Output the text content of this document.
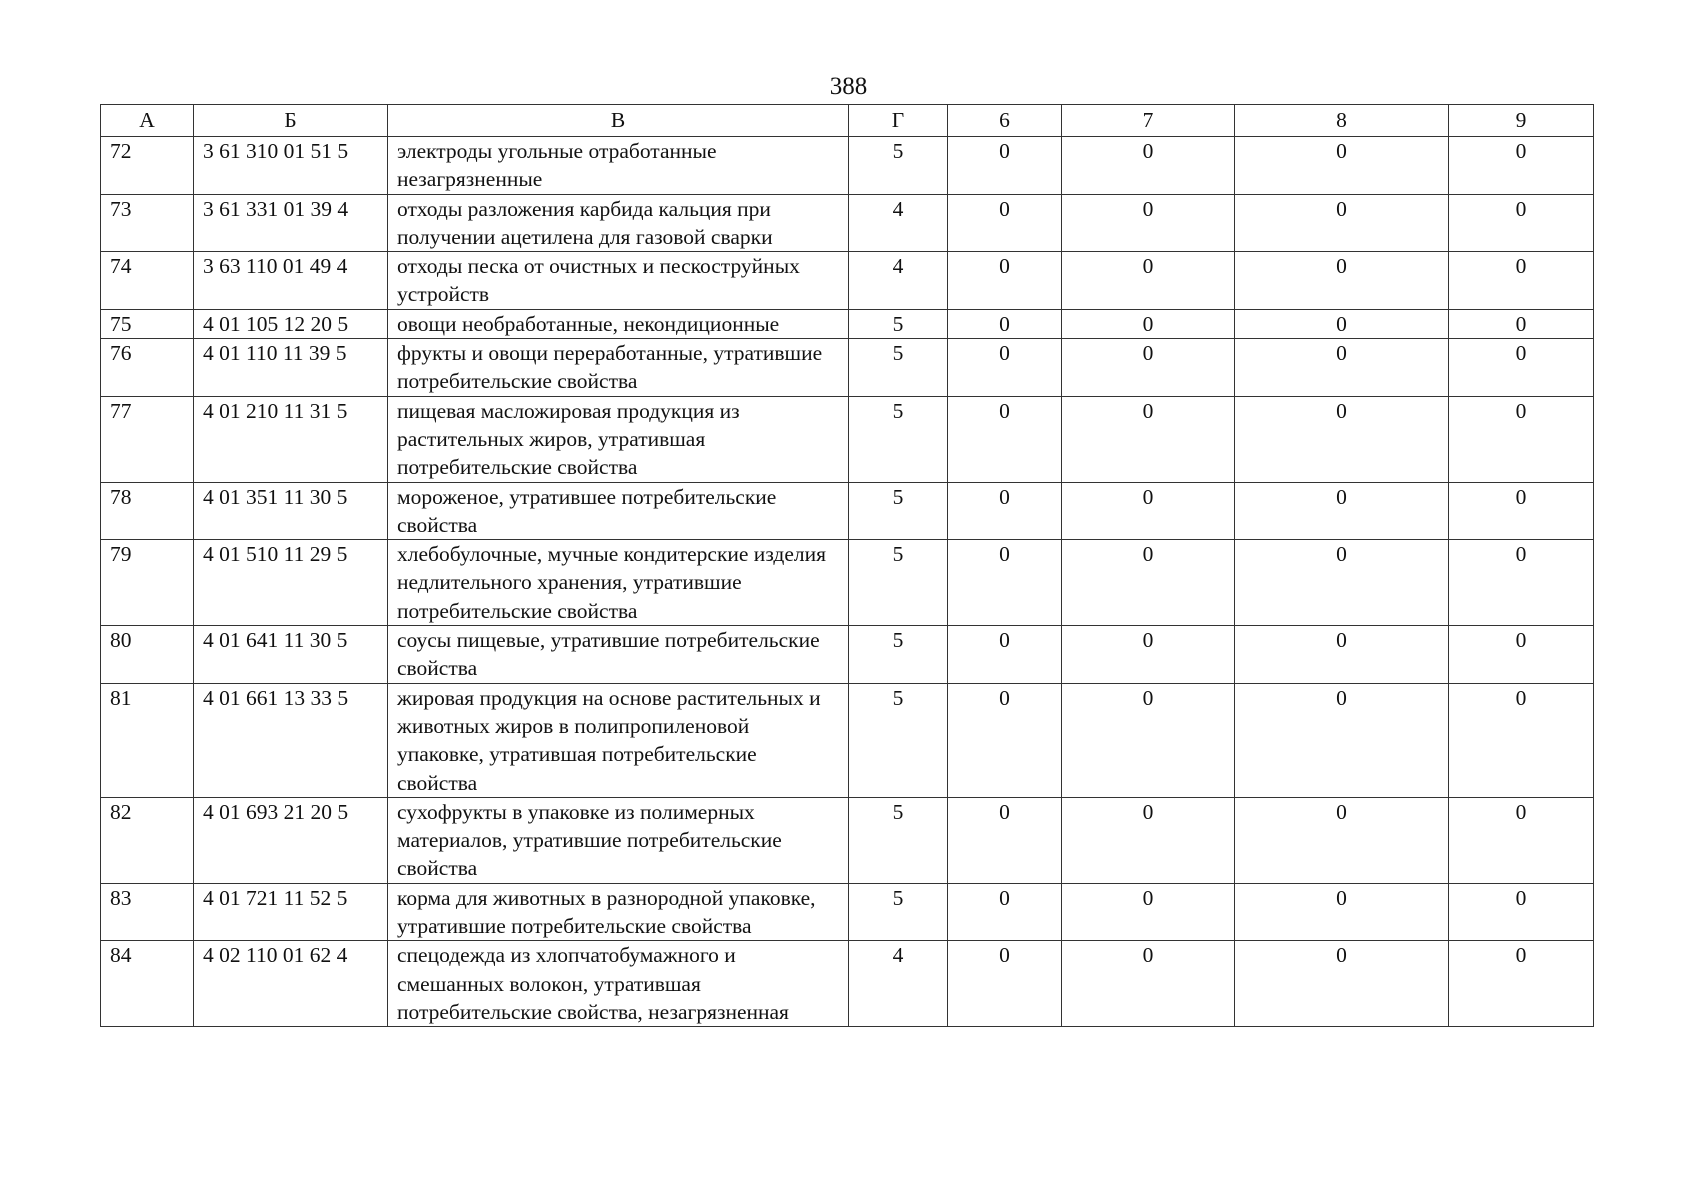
388
А	Б	В	Г	6	7	8	9
72	3 61 310 01 51 5	электроды угольные отработанные незагрязненные	5	0	0	0	0
73	3 61 331 01 39 4	отходы разложения карбида кальция при получении ацетилена для газовой сварки	4	0	0	0	0
74	3 63 110 01 49 4	отходы песка от очистных и пескоструйных устройств	4	0	0	0	0
75	4 01 105 12 20 5	овощи необработанные, некондиционные	5	0	0	0	0
76	4 01 110 11 39 5	фрукты и овощи переработанные, утратившие потребительские свойства	5	0	0	0	0
77	4 01 210 11 31 5	пищевая масложировая продукция из растительных жиров, утратившая потребительские свойства	5	0	0	0	0
78	4 01 351 11 30 5	мороженое, утратившее потребительские свойства	5	0	0	0	0
79	4 01 510 11 29 5	хлебобулочные, мучные кондитерские изделия недлительного хранения, утратившие потребительские свойства	5	0	0	0	0
80	4 01 641 11 30 5	соусы пищевые, утратившие потребительские свойства	5	0	0	0	0
81	4 01 661 13 33 5	жировая продукция на основе растительных и животных жиров в полипропиленовой упаковке, утратившая потребительские свойства	5	0	0	0	0
82	4 01 693 21 20 5	сухофрукты в упаковке из полимерных материалов, утратившие потребительские свойства	5	0	0	0	0
83	4 01 721 11 52 5	корма для животных в разнородной упаковке, утратившие потребительские свойства	5	0	0	0	0
84	4 02 110 01 62 4	спецодежда из хлопчатобумажного и смешанных волокон, утратившая потребительские свойства, незагрязненная	4	0	0	0	0
